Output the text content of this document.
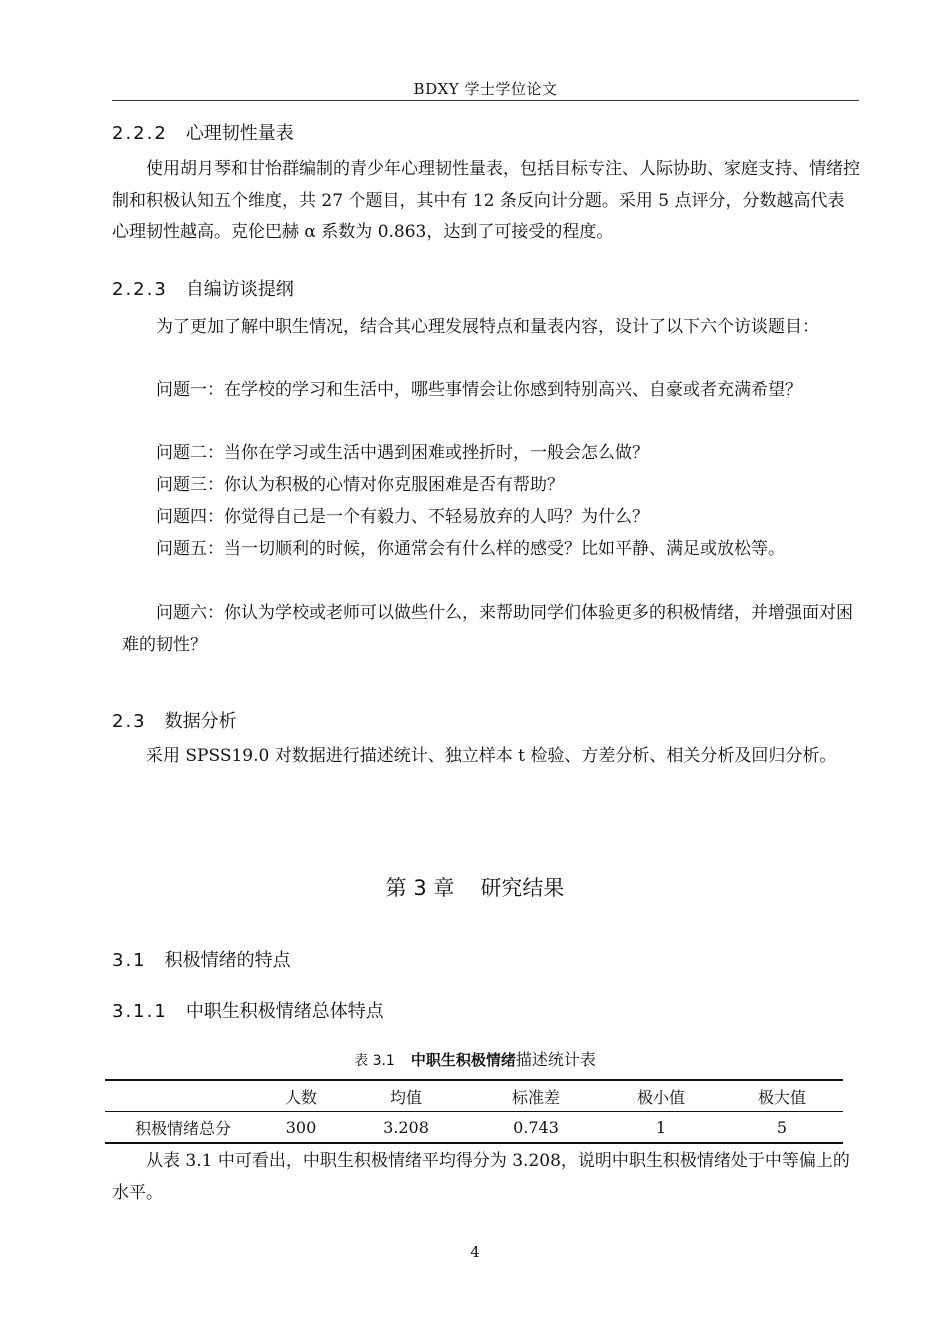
BDXY 学士学位论文
2.2.2 心理韧性量表

使用胡月琴和甘怡群编制的青少年心理韧性量表，包括目标专注、人际协助、家庭支持、情绪控制和积极认知五个维度，共 27 个题目，其中有 12 条反向计分题。采用 5 点评分，分数越高代表心理韧性越高。克伦巴赫 α 系数为 0.863，达到了可接受的程度。

2.2.3 自编访谈提纲

为了更加了解中职生情况，结合其心理发展特点和量表内容，设计了以下六个访谈题目：

问题一：在学校的学习和生活中，哪些事情会让你感到特别高兴、自豪或者充满希望？

问题二：当你在学习或生活中遇到困难或挫折时，一般会怎么做？

问题三：你认为积极的心情对你克服困难是否有帮助？

问题四：你觉得自己是一个有毅力、不轻易放弃的人吗？为什么？

问题五：当一切顺利的时候，你通常会有什么样的感受？比如平静、满足或放松等。

问题六：你认为学校或老师可以做些什么，来帮助同学们体验更多的积极情绪，并增强面对困难的韧性？

2.3 数据分析

采用 SPSS19.0 对数据进行描述统计、独立样本 t 检验、方差分析、相关分析及回归分析。

第 3 章 研究结果
3.1 积极情绪的特点
3.1.1 中职生积极情绪总体特点
表 3.1 中职生积极情绪描述统计表
	人数	均值	标准差	极小值	极大值
积极情绪总分	300	3.208	0.743	1	5

从表 3.1 中可看出，中职生积极情绪平均得分为 3.208，说明中职生积极情绪处于中等偏上的水平。

4
